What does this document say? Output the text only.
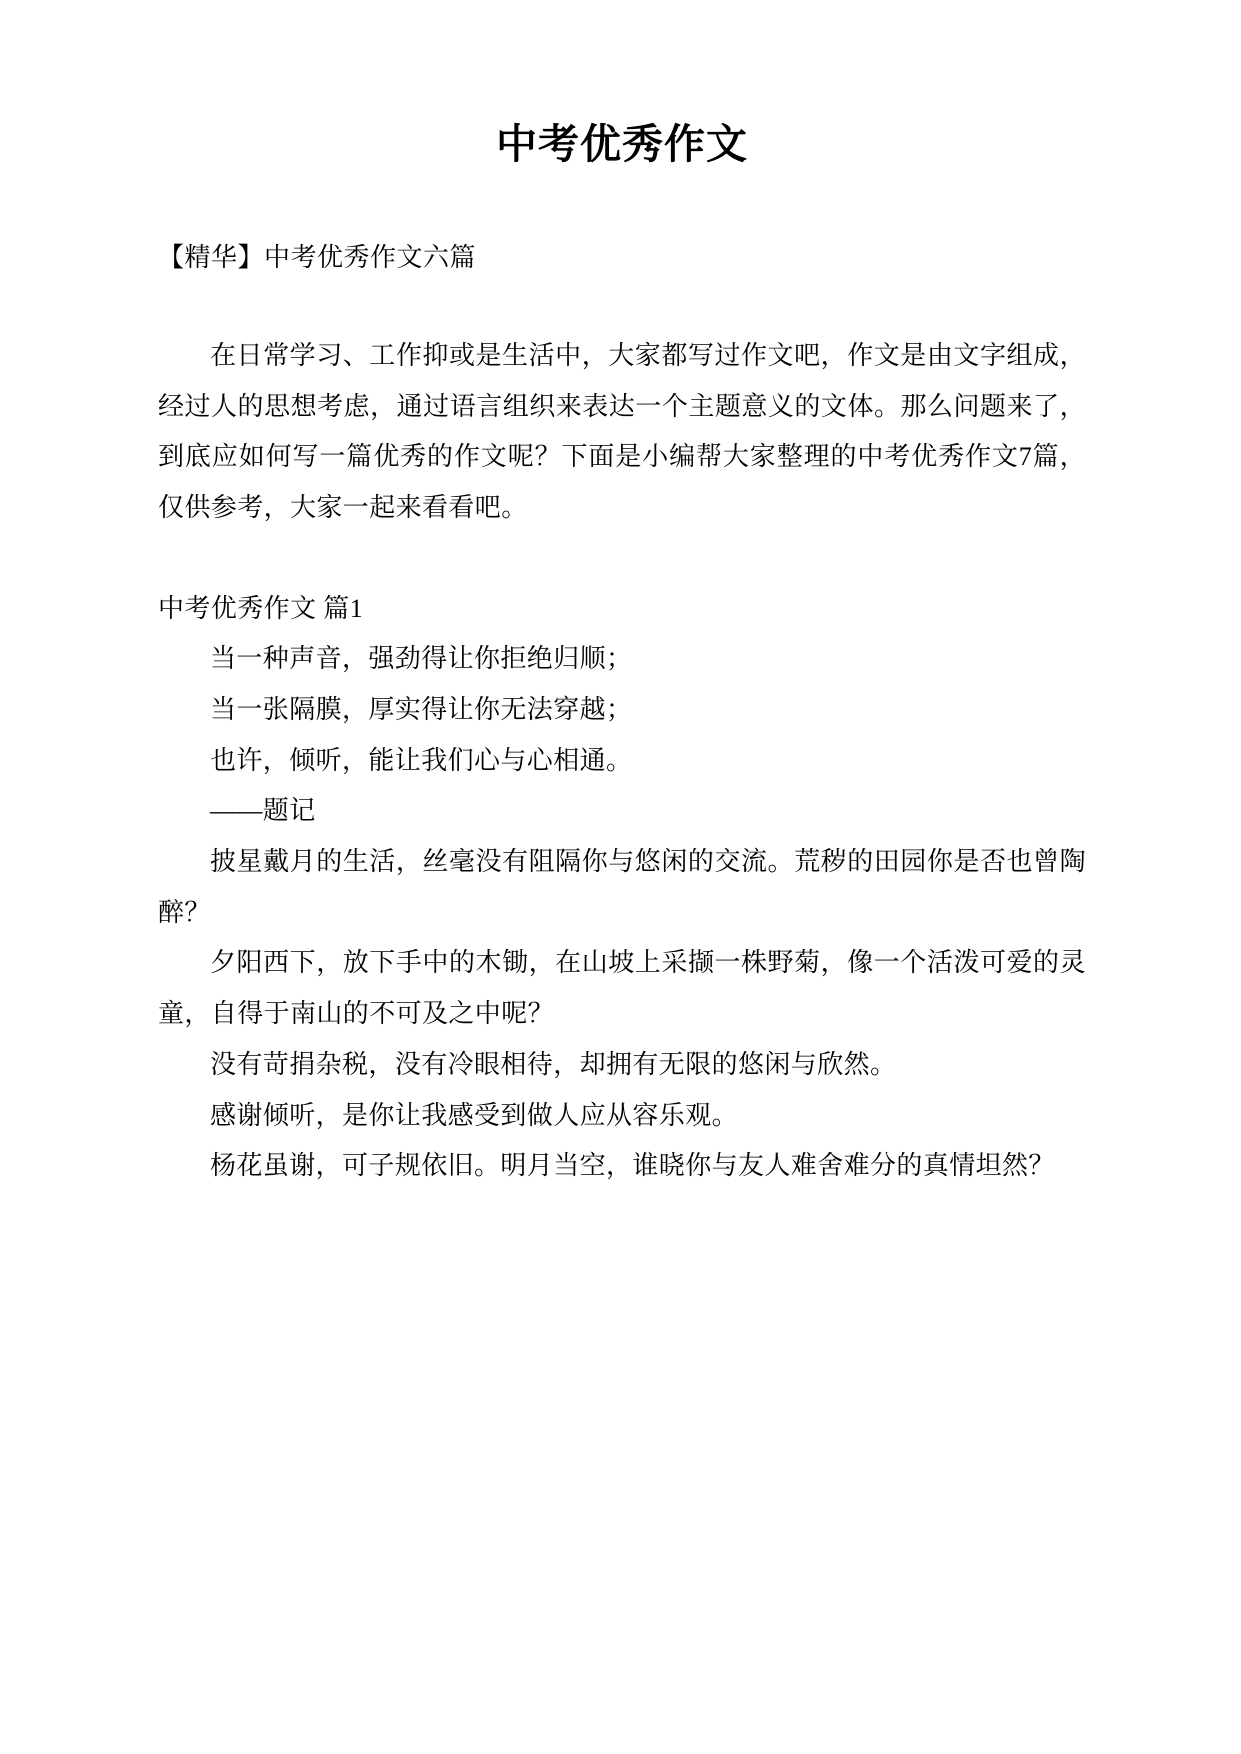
中考优秀作文
【精华】中考优秀作文六篇

在日常学习、工作抑或是生活中，大家都写过作文吧，作文是由文字组成，经过人的思想考虑，通过语言组织来表达一个主题意义的文体。那么问题来了，到底应如何写一篇优秀的作文呢？下面是小编帮大家整理的中考优秀作文7篇，仅供参考，大家一起来看看吧。

中考优秀作文 篇1

当一种声音，强劲得让你拒绝归顺；

当一张隔膜，厚实得让你无法穿越；

也许，倾听，能让我们心与心相通。

——题记

披星戴月的生活，丝毫没有阻隔你与悠闲的交流。荒秽的田园你是否也曾陶醉？

夕阳西下，放下手中的木锄，在山坡上采撷一株野菊，像一个活泼可爱的灵童，自得于南山的不可及之中呢？

没有苛捐杂税，没有冷眼相待，却拥有无限的悠闲与欣然。

感谢倾听，是你让我感受到做人应从容乐观。

杨花虽谢，可子规依旧。明月当空，谁晓你与友人难舍难分的真情坦然？
